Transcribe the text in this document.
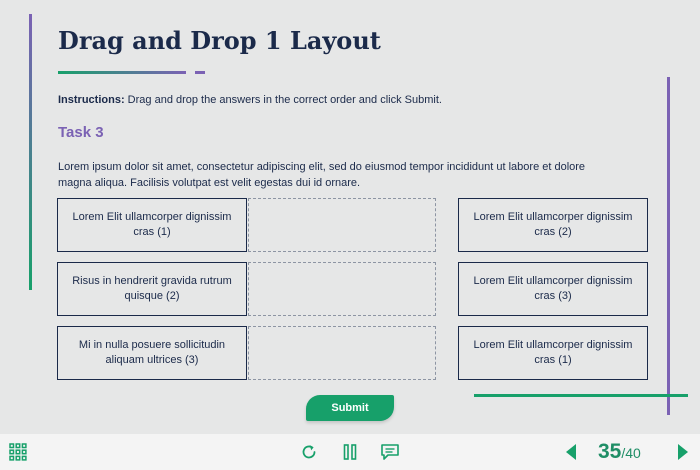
Drag and Drop 1 Layout
Instructions: Drag and drop the answers in the correct order and click Submit.
Task 3
Lorem ipsum dolor sit amet, consectetur adipiscing elit, sed do eiusmod tempor incididunt ut labore et dolore magna aliqua. Facilisis volutpat est velit egestas dui id ornare.
Lorem Elit ullamcorper dignissim cras (1)
Risus in hendrerit gravida rutrum quisque (2)
Mi in nulla posuere sollicitudin aliquam ultrices (3)
Lorem Elit ullamcorper dignissim cras (2)
Lorem Elit ullamcorper dignissim cras (3)
Lorem Elit ullamcorper dignissim cras (1)
Submit
35/40
